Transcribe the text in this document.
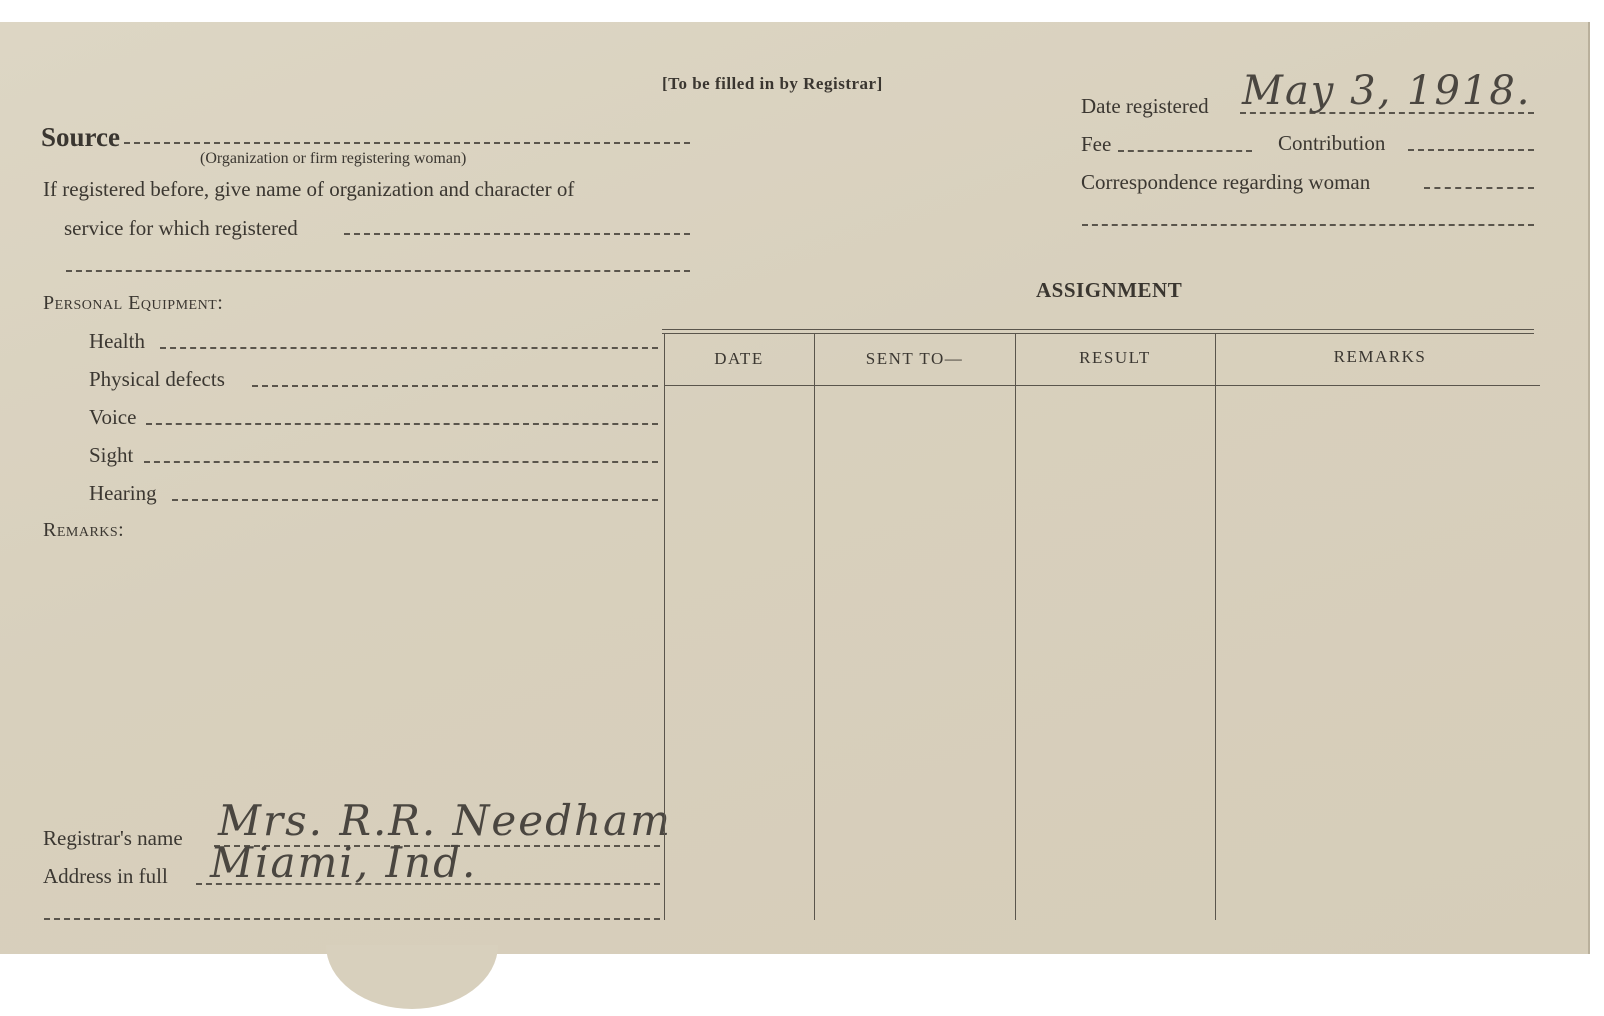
[To be filled in by Registrar]
Source
(Organization or firm registering woman)
If registered before, give name of organization and character of
service for which registered
Personal Equipment:
Health
Physical defects
Voice
Sight
Hearing
Remarks:
Registrar's name Mrs. R.R. Needham
Address in full Miami, Ind.
Date registered May 3, 1918.
Fee	Contribution
Correspondence regarding woman
ASSIGNMENT
DATE	SENT TO—	RESULT	REMARKS
